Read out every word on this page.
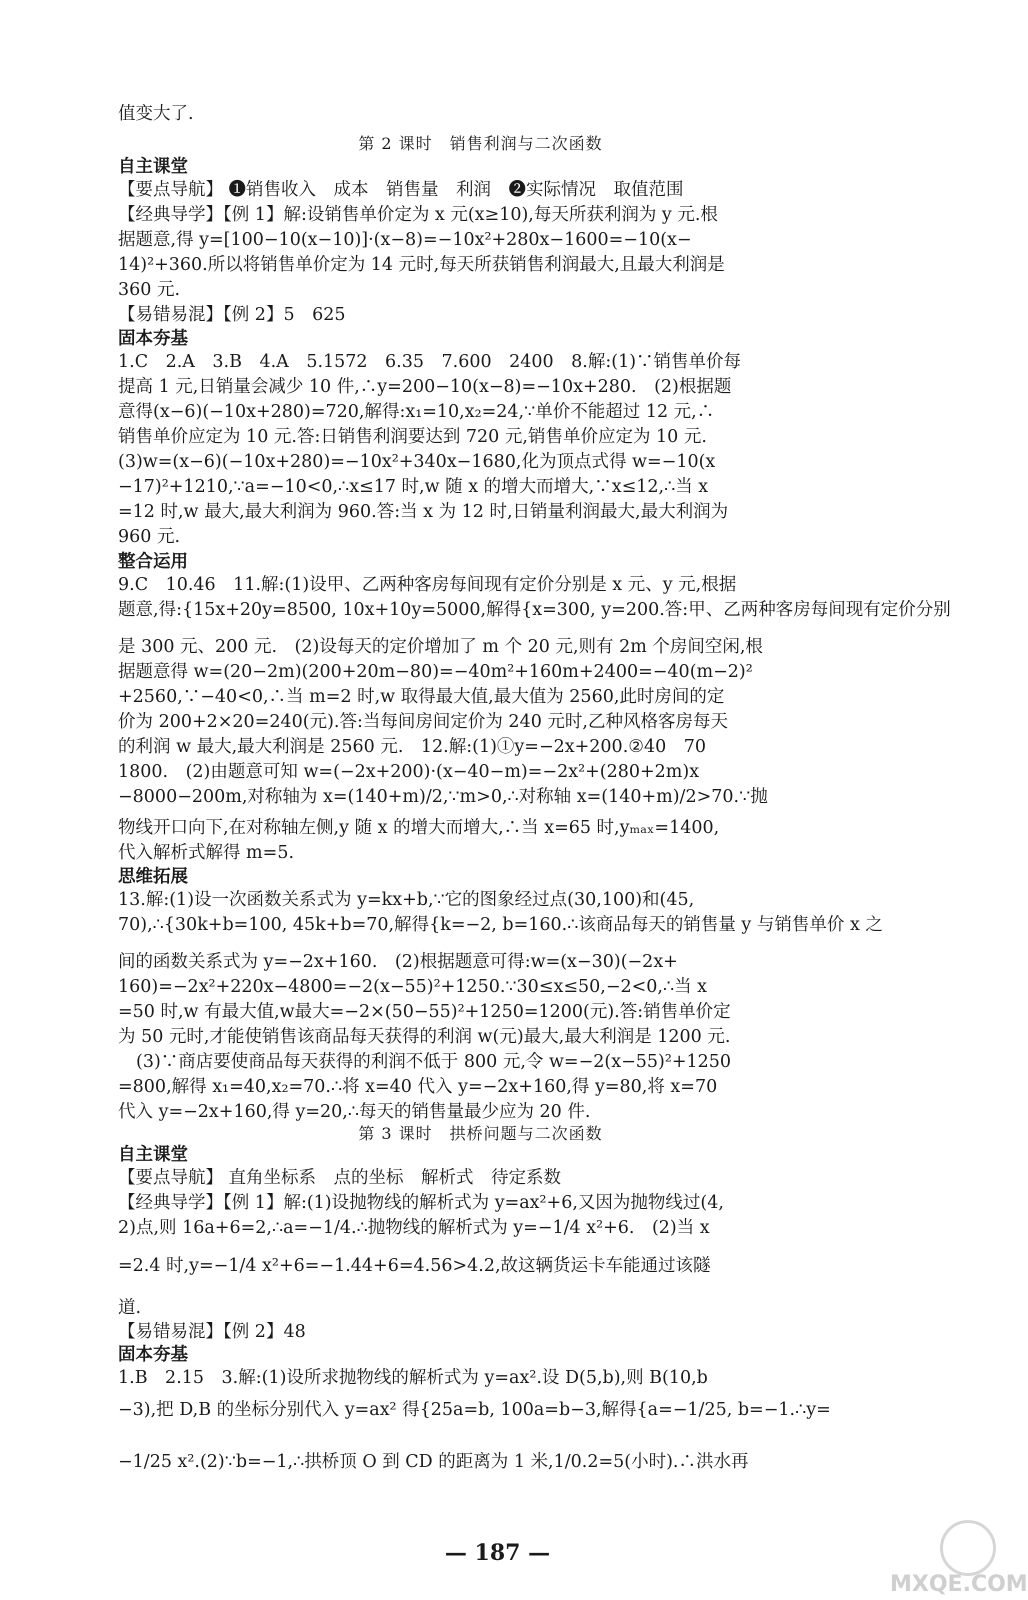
值变大了.
第 2 课时　销售利润与二次函数
自主课堂
【要点导航】 ❶销售收入　成本　销售量　利润　❷实际情况　取值范围
【经典导学】【例 1】解:设销售单价定为 x 元(x≥10),每天所获利润为 y 元.根
据题意,得 y=[100−10(x−10)]·(x−8)=−10x²+280x−1600=−10(x−
14)²+360.所以将销售单价定为 14 元时,每天所获销售利润最大,且最大利润是
360 元.
【易错易混】【例 2】5　625
固本夯基
1.C　2.A　3.B　4.A　5.1572　6.35　7.600　2400　8.解:(1)∵销售单价每
提高 1 元,日销量会减少 10 件,∴y=200−10(x−8)=−10x+280.　(2)根据题
意得(x−6)(−10x+280)=720,解得:x₁=10,x₂=24,∵单价不能超过 12 元,∴
销售单价应定为 10 元.答:日销售利润要达到 720 元,销售单价应定为 10 元.
(3)w=(x−6)(−10x+280)=−10x²+340x−1680,化为顶点式得 w=−10(x
−17)²+1210,∵a=−10<0,∴x≤17 时,w 随 x 的增大而增大,∵x≤12,∴当 x
=12 时,w 最大,最大利润为 960.答:当 x 为 12 时,日销量利润最大,最大利润为
960 元.
整合运用
9.C　10.46　11.解:(1)设甲、乙两种客房每间现有定价分别是 x 元、y 元,根据
题意,得:{15x+20y=8500, 10x+10y=5000,解得{x=300, y=200.答:甲、乙两种客房每间现有定价分别
是 300 元、200 元.　(2)设每天的定价增加了 m 个 20 元,则有 2m 个房间空闲,根
据题意得 w=(20−2m)(200+20m−80)=−40m²+160m+2400=−40(m−2)²
+2560,∵−40<0,∴当 m=2 时,w 取得最大值,最大值为 2560,此时房间的定
价为 200+2×20=240(元).答:当每间房间定价为 240 元时,乙种风格客房每天
的利润 w 最大,最大利润是 2560 元.　12.解:(1)①y=−2x+200.②40　70
1800.　(2)由题意可知 w=(−2x+200)·(x−40−m)=−2x²+(280+2m)x
−8000−200m,对称轴为 x=(140+m)/2,∵m>0,∴对称轴 x=(140+m)/2>70.∵抛
物线开口向下,在对称轴左侧,y 随 x 的增大而增大,∴当 x=65 时,yₘₐₓ=1400,
代入解析式解得 m=5.
思维拓展
13.解:(1)设一次函数关系式为 y=kx+b,∵它的图象经过点(30,100)和(45,
70),∴{30k+b=100, 45k+b=70,解得{k=−2, b=160.∴该商品每天的销售量 y 与销售单价 x 之
间的函数关系式为 y=−2x+160.　(2)根据题意可得:w=(x−30)(−2x+
160)=−2x²+220x−4800=−2(x−55)²+1250.∵30≤x≤50,−2<0,∴当 x
=50 时,w 有最大值,w最大=−2×(50−55)²+1250=1200(元).答:销售单价定
为 50 元时,才能使销售该商品每天获得的利润 w(元)最大,最大利润是 1200 元.
(3)∵商店要使商品每天获得的利润不低于 800 元,令 w=−2(x−55)²+1250
=800,解得 x₁=40,x₂=70.∴将 x=40 代入 y=−2x+160,得 y=80,将 x=70
代入 y=−2x+160,得 y=20,∴每天的销售量最少应为 20 件.
第 3 课时　拱桥问题与二次函数
自主课堂
【要点导航】 直角坐标系　点的坐标　解析式　待定系数
【经典导学】【例 1】解:(1)设抛物线的解析式为 y=ax²+6,又因为抛物线过(4,
2)点,则 16a+6=2,∴a=−1/4.∴抛物线的解析式为 y=−1/4 x²+6.　(2)当 x
=2.4 时,y=−1/4 x²+6=−1.44+6=4.56>4.2,故这辆货运卡车能通过该隧
道.
【易错易混】【例 2】48
固本夯基
1.B　2.15　3.解:(1)设所求抛物线的解析式为 y=ax².设 D(5,b),则 B(10,b
−3),把 D,B 的坐标分别代入 y=ax² 得{25a=b, 100a=b−3,解得{a=−1/25, b=−1.∴y=
−1/25 x².(2)∵b=−1,∴拱桥顶 O 到 CD 的距离为 1 米,1/0.2=5(小时).∴洪水再
— 187 —
MXQE.COM
